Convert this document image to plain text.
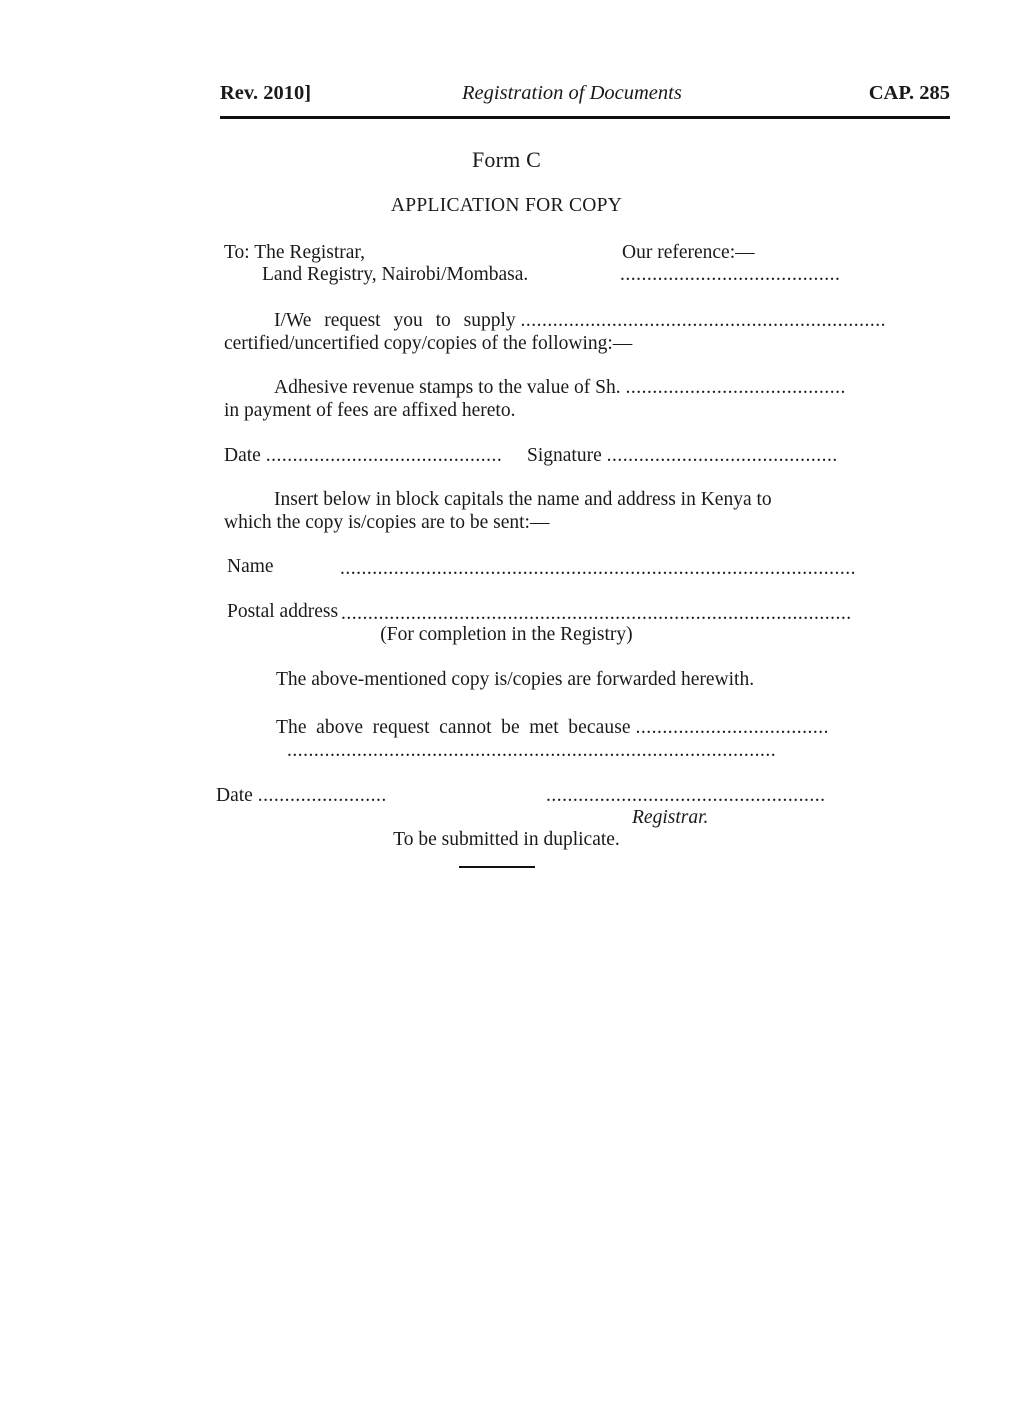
Rev. 2010]	Registration of Documents	CAP. 285
Form C
APPLICATION FOR COPY
To: The Registrar,
Land Registry, Nairobi/Mombasa.
Our reference:—
.........................................
I/We request you to supply ....................................................................
certified/uncertified copy/copies of the following:—
Adhesive revenue stamps to the value of Sh. .........................................
in payment of fees are affixed hereto.
Date ............................................ Signature ...........................................
Insert below in block capitals the name and address in Kenya to
which the copy is/copies are to be sent:—
Name	................................................................................................
Postal address ...............................................................................................
(For completion in the Registry)
The above-mentioned copy is/copies are forwarded herewith.
The above request cannot be met because ....................................
...........................................................................................
Date ........................	....................................................
Registrar.
To be submitted in duplicate.
